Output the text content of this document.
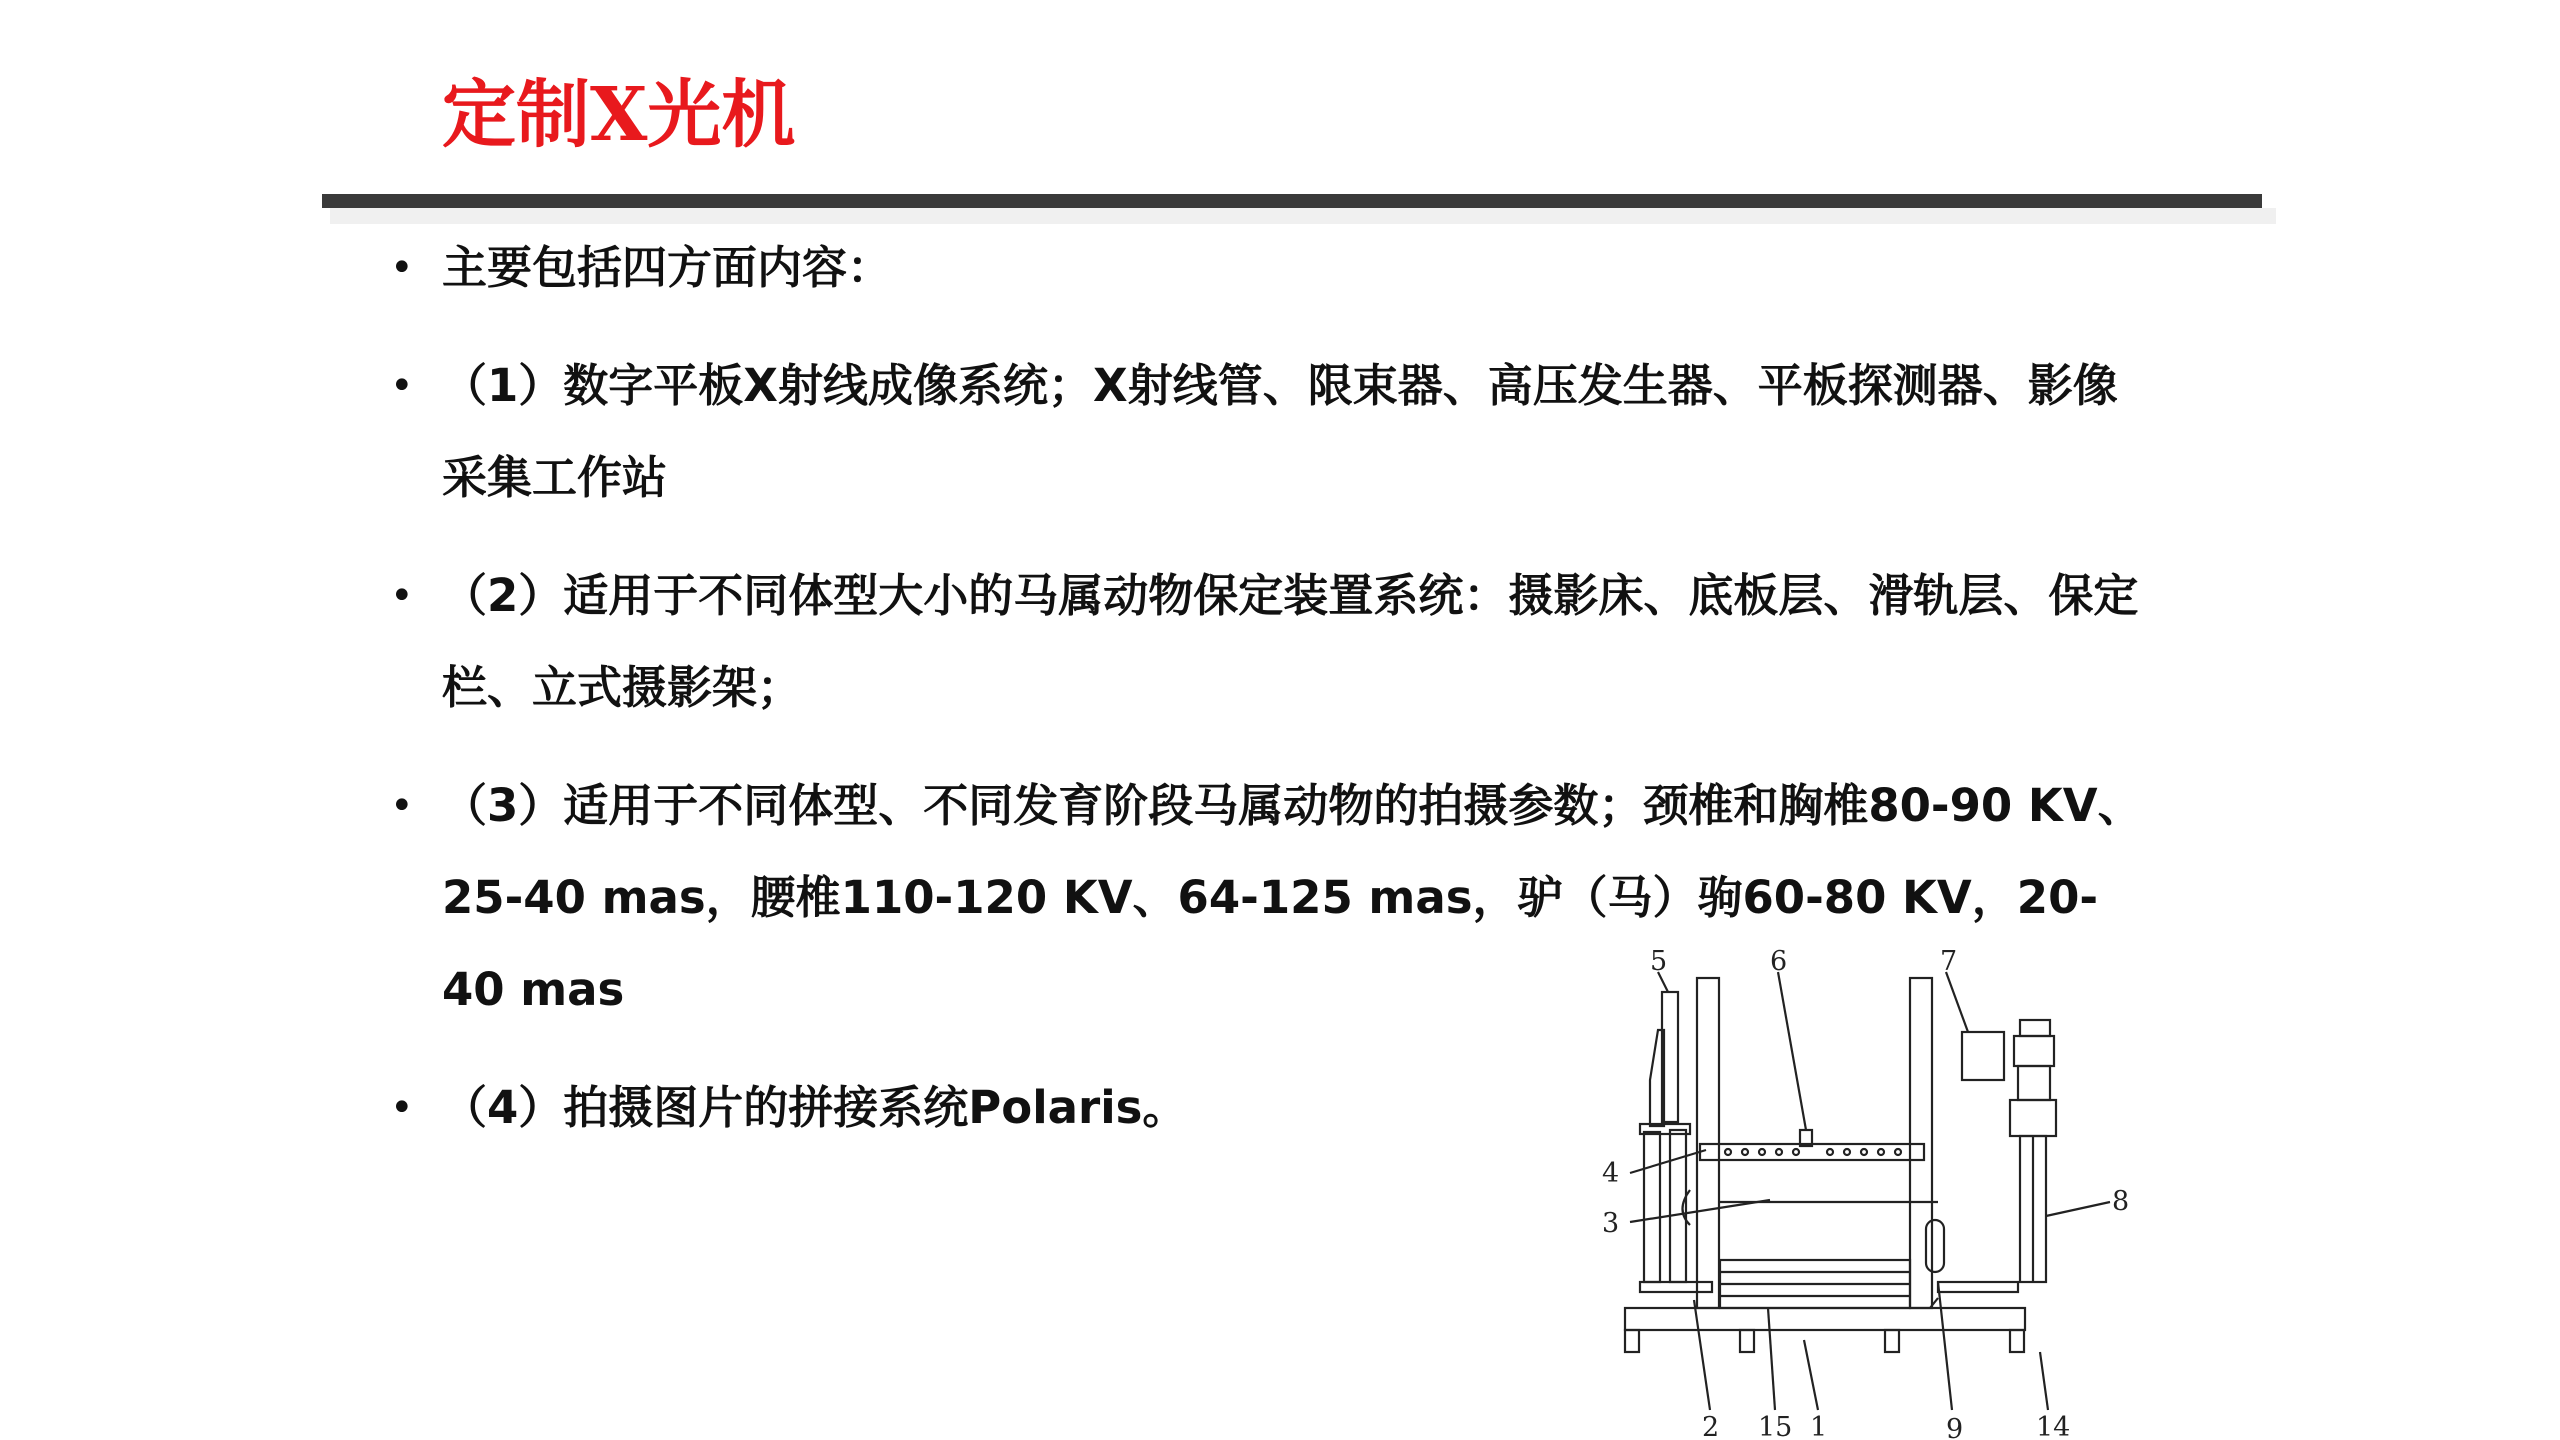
定制X光机
• 主要包括四方面内容：
• （1）数字平板X射线成像系统；X射线管、限束器、高压发生器、平板探测器、影像采集工作站
• （2）适用于不同体型大小的马属动物保定装置系统：摄影床、底板层、滑轨层、保定栏、立式摄影架；
• （3）适用于不同体型、不同发育阶段马属动物的拍摄参数；颈椎和胸椎80-90 KV、25-40 mas，腰椎110-120 KV、64-125 mas，驴（马）驹60-80 KV，20-40 mas
• （4）拍摄图片的拼接系统Polaris。
5	6	7
4
3
8
2 15 1	9	14
